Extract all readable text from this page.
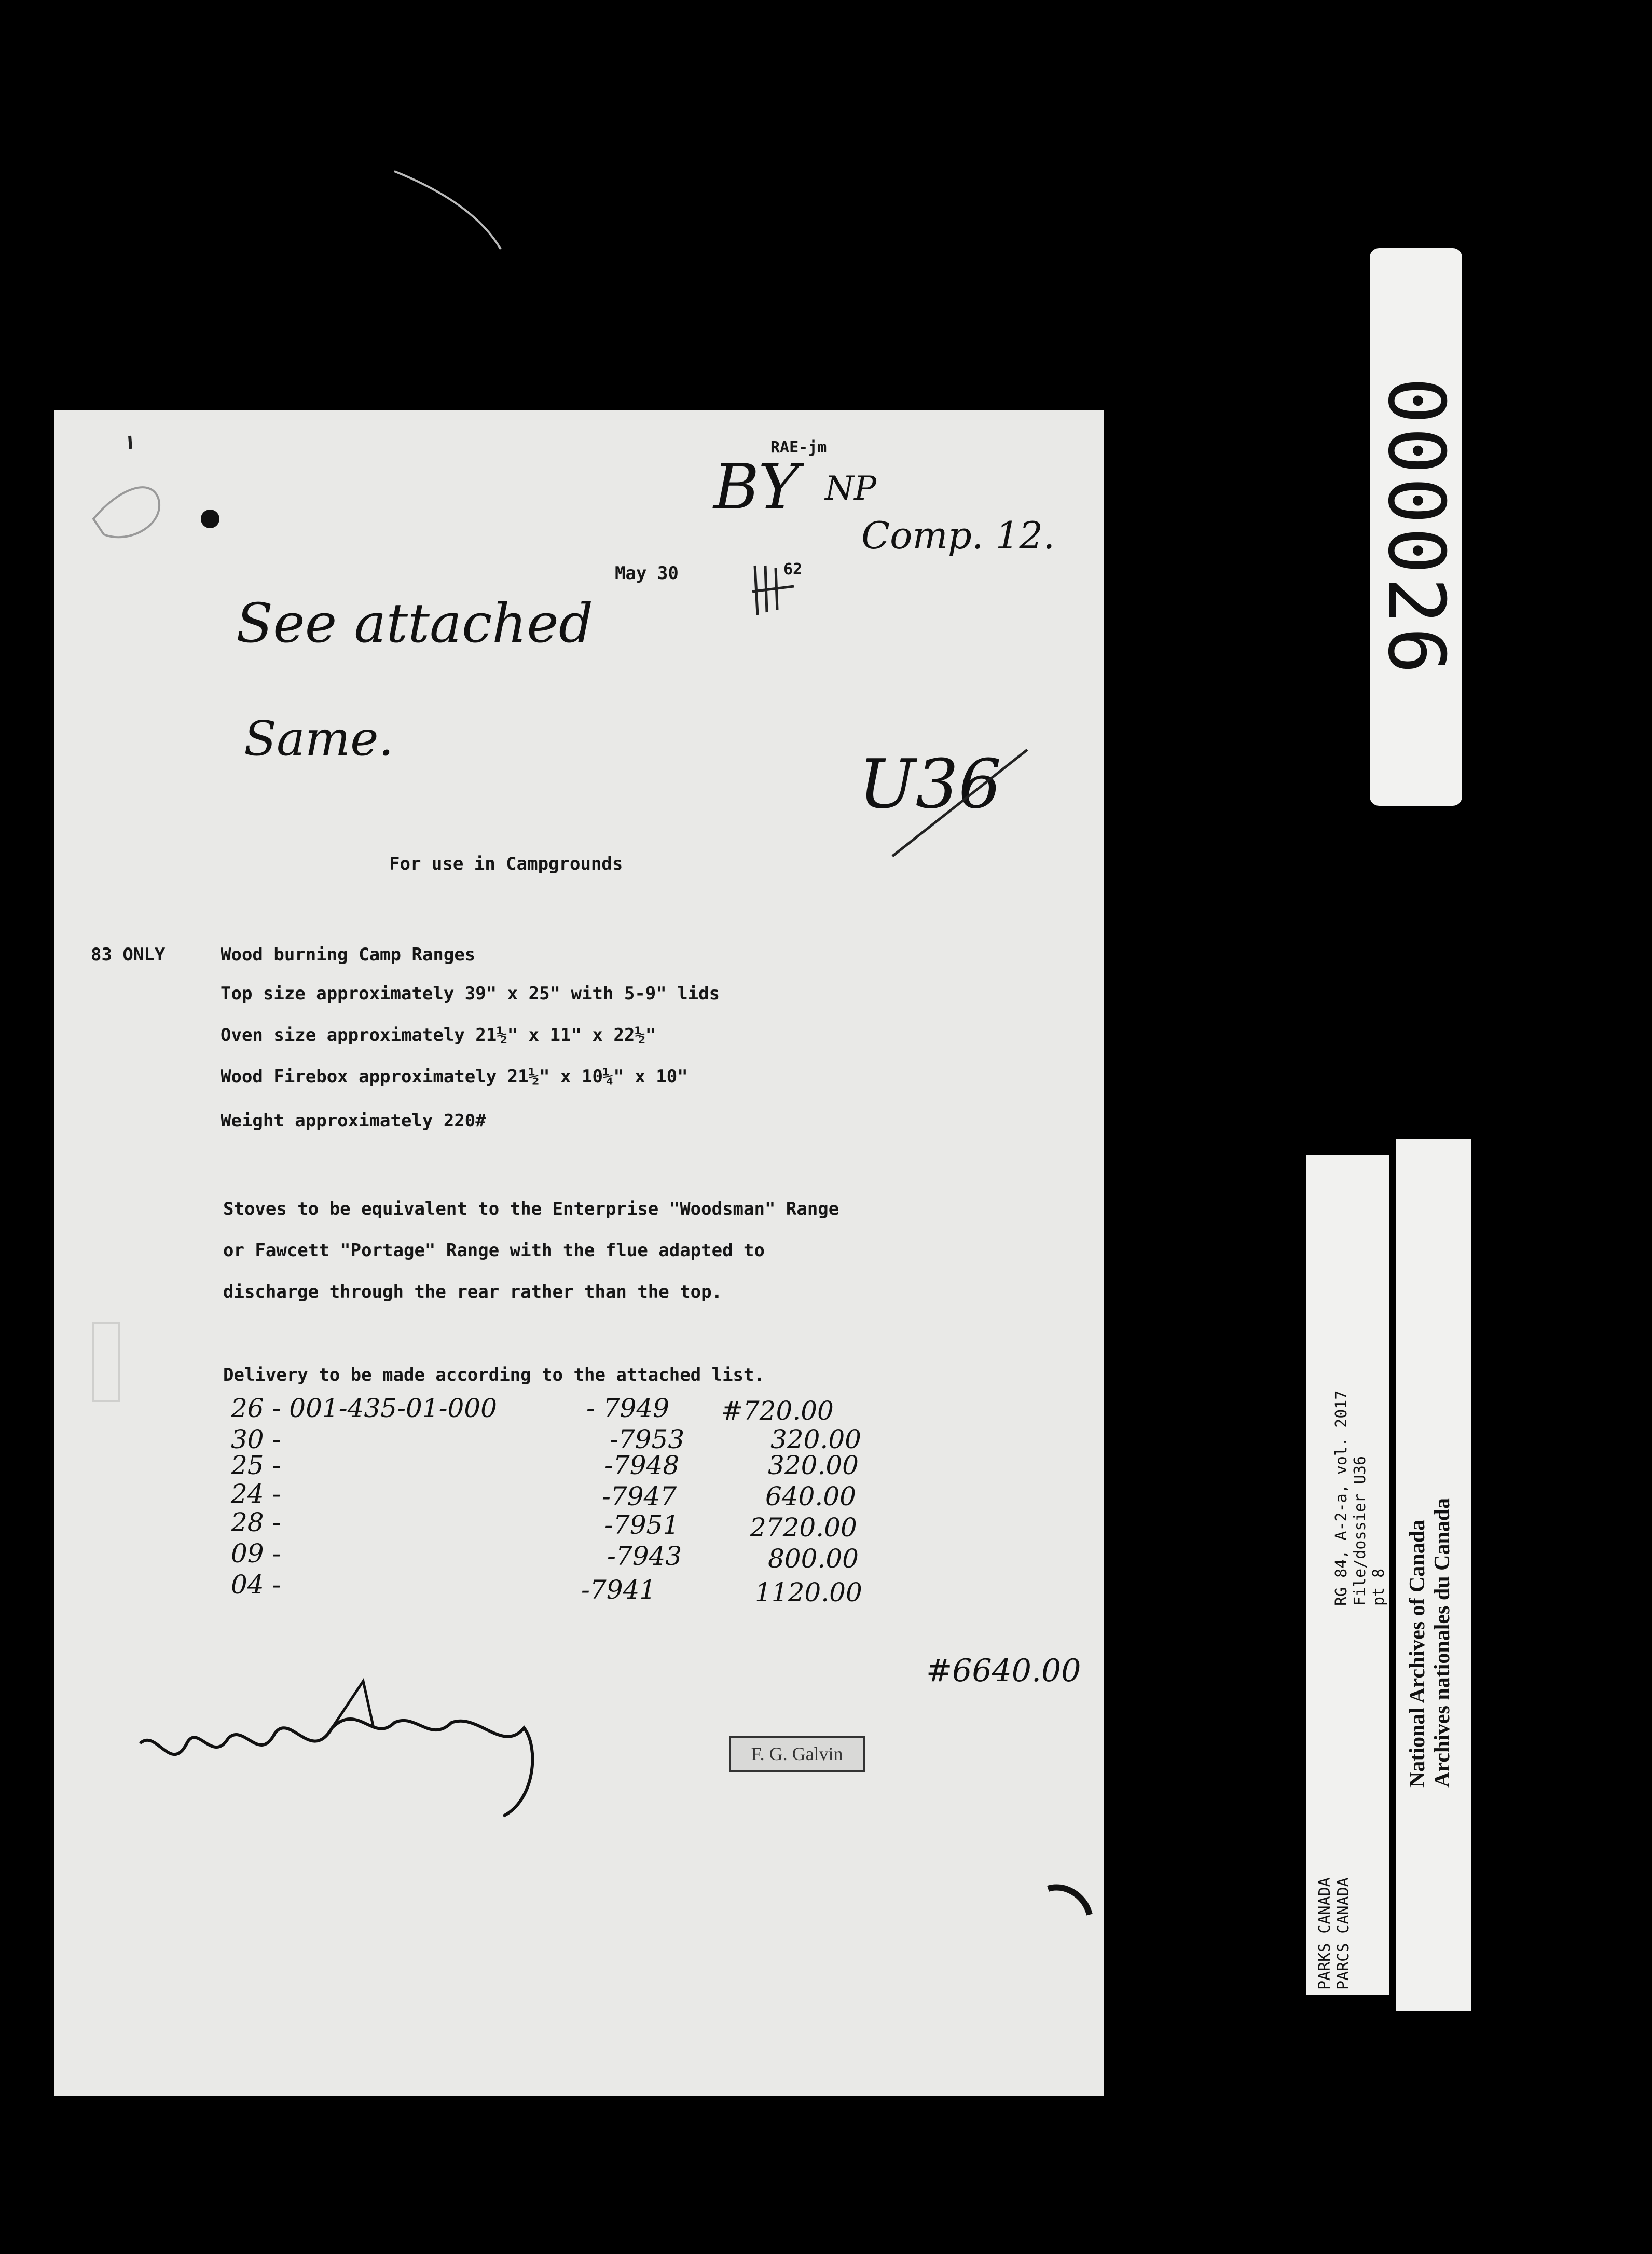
RAE-jm
May 30	62
For use in Campgrounds
83 ONLY	Wood burning Camp Ranges
Top size approximately 39" x 25" with 5-9" lids
Oven size approximately 21½" x 11" x 22½"
Wood Firebox approximately 21½" x 10¼" x 10"
Weight approximately 220#
Stoves to be equivalent to the Enterprise "Woodsman" Range
or Fawcett "Portage" Range with the flue adapted to
discharge through the rear rather than the top.
Delivery to be made according to the attached list.
BY NP
Comp. 12.
See attached
Same.
U36
26 - 001-435-01-000	- 7949 #720.00
30 -	-7953	320.00
25 -	-7948	320.00
24 -	-7947	640.00
28 -	-7951	2720.00
09 -	-7943	800.00
04 -	-7941	1120.00
#6640.00
F. G. Galvin
000026
PARKS CANADA PARCS CANADA
RG 84, A-2-a, vol. 2017 File/dossier U36 pt 8 National Archives of Canada Archives nationales du Canada
